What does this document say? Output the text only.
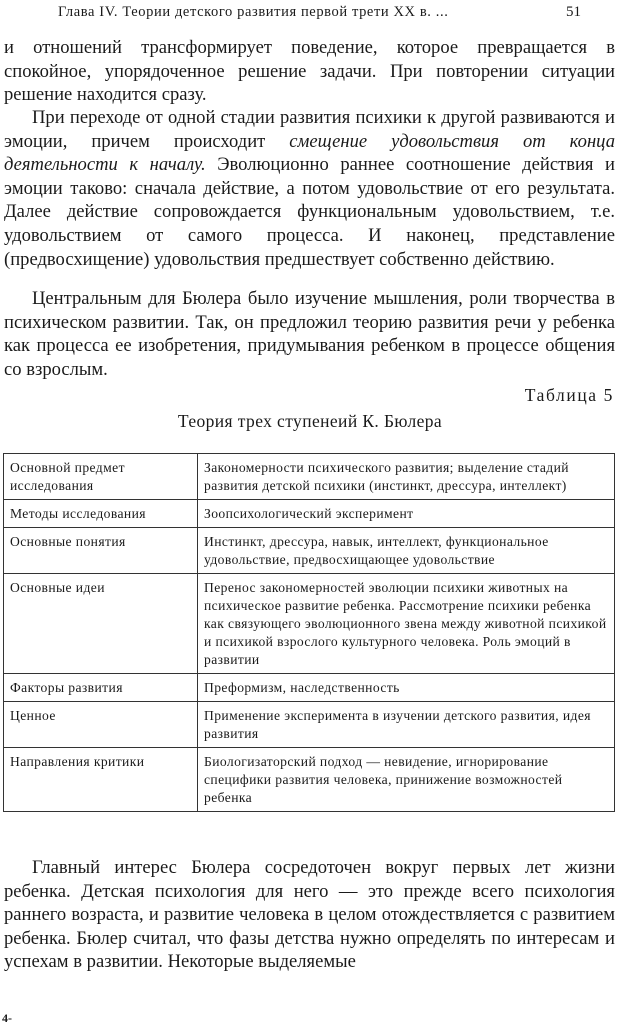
Глава IV. Теории детского развития первой трети XX в. ...	51

и отношений трансформирует поведение, которое превращается в спокойное, упорядоченное решение задачи. При повторении ситуации решение находится сразу.

При переходе от одной стадии развития психики к другой развиваются и эмоции, причем происходит смещение удовольствия от конца деятельности к началу. Эволюционно раннее соотношение действия и эмоции таково: сначала действие, а потом удовольствие от его результата. Далее действие сопровождается функциональным удовольствием, т.е. удовольствием от самого процесса. И наконец, представление (предвосхищение) удовольствия предшествует собственно действию.

Центральным для Бюлера было изучение мышления, роли творчества в психическом развитии. Так, он предложил теорию развития речи у ребенка как процесса ее изобретения, придумывания ребенком в процессе общения со взрослым.

Таблица 5
Теория трех ступенеий К. Бюлера
Основной предмет исследования	Закономерности психического развития; выделение стадий развития детской психики (инстинкт, дрессура, интеллект)
Методы исследования	Зоопсихологический эксперимент
Основные понятия	Инстинкт, дрессура, навык, интеллект, функциональное удовольствие, предвосхищающее удовольствие
Основные идеи	Перенос закономерностей эволюции психики животных на психическое развитие ребенка. Рассмотрение психики ребенка как связующего эволюционного звена между животной психикой и психикой взрослого культурного человека. Роль эмоций в развитии
Факторы развития	Преформизм, наследственность
Ценное	Применение эксперимента в изучении детского развития, идея развития
Направления критики	Биологизаторский подход — невидение, игнорирование специфики развития человека, принижение возможностей ребенка

Главный интерес Бюлера сосредоточен вокруг первых лет жизни ребенка. Детская психология для него — это прежде всего психология раннего возраста, и развитие человека в целом отождествляется с развитием ребенка. Бюлер считал, что фазы детства нужно определять по интересам и успехам в развитии. Некоторые выделяемые

4-
